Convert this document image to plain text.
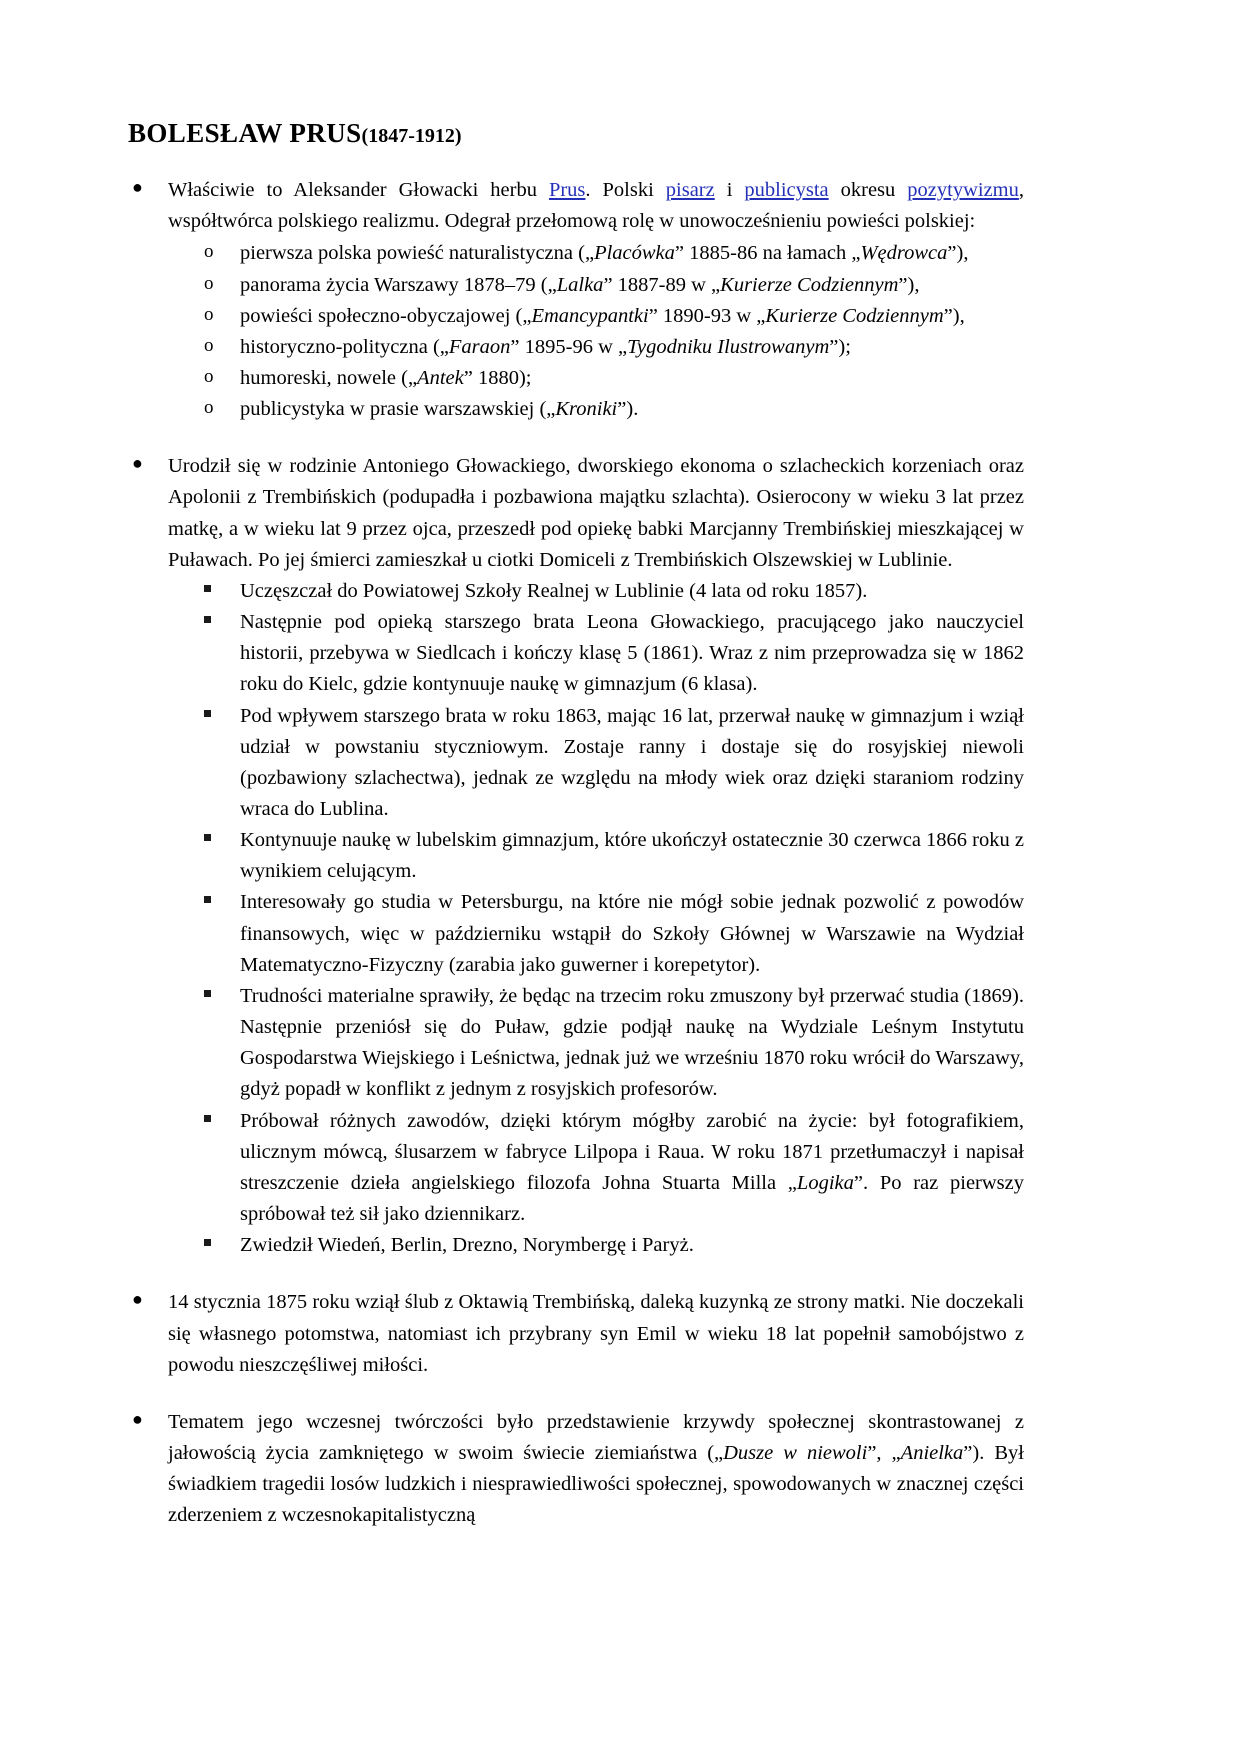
BOLESŁAW PRUS(1847-1912)
● Właściwie to Aleksander Głowacki herbu Prus. Polski pisarz i publicysta okresu pozytywizmu, współtwórca polskiego realizmu. Odegrał przełomową rolę w unowocześnieniu powieści polskiej:
o pierwsza polska powieść naturalistyczna („Placówka” 1885-86 na łamach „Wędrowca”),
o panorama życia Warszawy 1878–79 („Lalka” 1887-89 w „Kurierze Codziennym”),
o powieści społeczno-obyczajowej („Emancypantki” 1890-93 w „Kurierze Codziennym”),
o historyczno-polityczna („Faraon” 1895-96 w „Tygodniku Ilustrowanym”);
o humoreski, nowele („Antek” 1880);
o publicystyka w prasie warszawskiej („Kroniki”).
● Urodził się w rodzinie Antoniego Głowackiego, dworskiego ekonoma o szlacheckich korzeniach oraz Apolonii z Trembińskich (podupadła i pozbawiona majątku szlachta). Osierocony w wieku 3 lat przez matkę, a w wieku lat 9 przez ojca, przeszedł pod opiekę babki Marcjanny Trembińskiej mieszkającej w Puławach. Po jej śmierci zamieszkał u ciotki Domiceli z Trembińskich Olszewskiej w Lublinie.
Uczęszczał do Powiatowej Szkoły Realnej w Lublinie (4 lata od roku 1857).
Następnie pod opieką starszego brata Leona Głowackiego, pracującego jako nauczyciel historii, przebywa w Siedlcach i kończy klasę 5 (1861). Wraz z nim przeprowadza się w 1862 roku do Kielc, gdzie kontynuuje naukę w gimnazjum (6 klasa).
Pod wpływem starszego brata w roku 1863, mając 16 lat, przerwał naukę w gimnazjum i wziął udział w powstaniu styczniowym. Zostaje ranny i dostaje się do rosyjskiej niewoli (pozbawiony szlachectwa), jednak ze względu na młody wiek oraz dzięki staraniom rodziny wraca do Lublina.
Kontynuuje naukę w lubelskim gimnazjum, które ukończył ostatecznie 30 czerwca 1866 roku z wynikiem celującym.
Interesowały go studia w Petersburgu, na które nie mógł sobie jednak pozwolić z powodów finansowych, więc w październiku wstąpił do Szkoły Głównej w Warszawie na Wydział Matematyczno-Fizyczny (zarabia jako guwerner i korepetytor).
Trudności materialne sprawiły, że będąc na trzecim roku zmuszony był przerwać studia (1869). Następnie przeniósł się do Puław, gdzie podjął naukę na Wydziale Leśnym Instytutu Gospodarstwa Wiejskiego i Leśnictwa, jednak już we wrześniu 1870 roku wrócił do Warszawy, gdyż popadł w konflikt z jednym z rosyjskich profesorów.
Próbował różnych zawodów, dzięki którym mógłby zarobić na życie: był fotografikiem, ulicznym mówcą, ślusarzem w fabryce Lilpopa i Raua. W roku 1871 przetłumaczył i napisał streszczenie dzieła angielskiego filozofa Johna Stuarta Milla „Logika”. Po raz pierwszy spróbował też sił jako dziennikarz.
Zwiedził Wiedeń, Berlin, Drezno, Norymbergę i Paryż.
● 14 stycznia 1875 roku wziął ślub z Oktawią Trembińską, daleką kuzynką ze strony matki. Nie doczekali się własnego potomstwa, natomiast ich przybrany syn Emil w wieku 18 lat popełnił samobójstwo z powodu nieszczęśliwej miłości.
● Tematem jego wczesnej twórczości było przedstawienie krzywdy społecznej skontrastowanej z jałowością życia zamkniętego w swoim świecie ziemiaństwa („Dusze w niewoli”, „Anielka”). Był świadkiem tragedii losów ludzkich i niesprawiedliwości społecznej, spowodowanych w znacznej części zderzeniem z wczesnokapitalistyczną
